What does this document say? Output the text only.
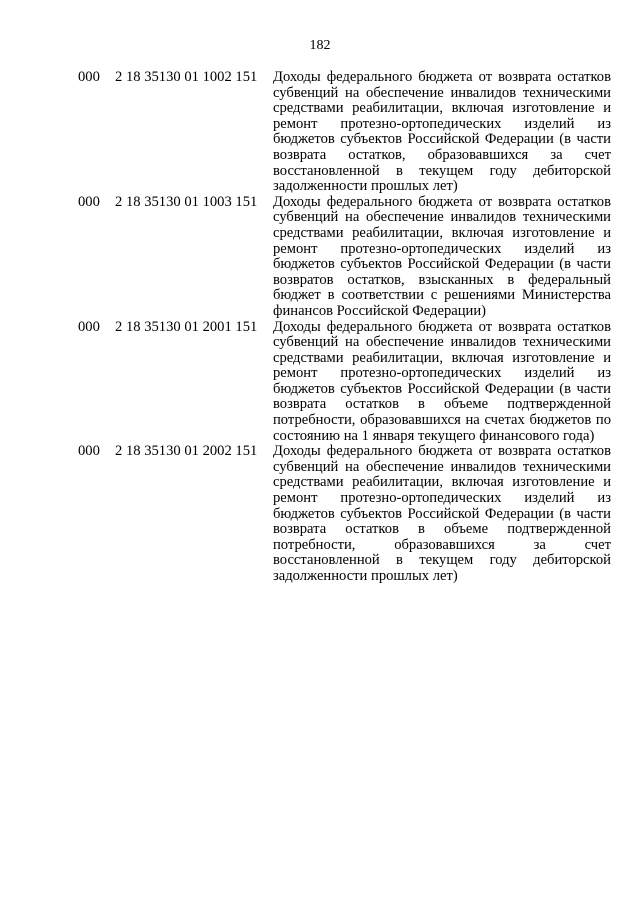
182
000	2 18 35130 01 1002 151	Доходы федерального бюджета от возврата остатков субвенций на обеспечение инвалидов техническими средствами реабилитации, включая изготовление и ремонт протезно-ортопедических изделий из бюджетов субъектов Российской Федерации (в части возврата остатков, образовавшихся за счет восстановленной в текущем году дебиторской задолженности прошлых лет)
000	2 18 35130 01 1003 151	Доходы федерального бюджета от возврата остатков субвенций на обеспечение инвалидов техническими средствами реабилитации, включая изготовление и ремонт протезно-ортопедических изделий из бюджетов субъектов Российской Федерации (в части возвратов остатков, взысканных в федеральный бюджет в соответствии с решениями Министерства финансов Российской Федерации)
000	2 18 35130 01 2001 151	Доходы федерального бюджета от возврата остатков субвенций на обеспечение инвалидов техническими средствами реабилитации, включая изготовление и ремонт протезно-ортопедических изделий из бюджетов субъектов Российской Федерации (в части возврата остатков в объеме подтвержденной потребности, образовавшихся на счетах бюджетов по состоянию на 1 января текущего финансового года)
000	2 18 35130 01 2002 151	Доходы федерального бюджета от возврата остатков субвенций на обеспечение инвалидов техническими средствами реабилитации, включая изготовление и ремонт протезно-ортопедических изделий из бюджетов субъектов Российской Федерации (в части возврата остатков в объеме подтвержденной потребности, образовавшихся за счет восстановленной в текущем году дебиторской задолженности прошлых лет)
